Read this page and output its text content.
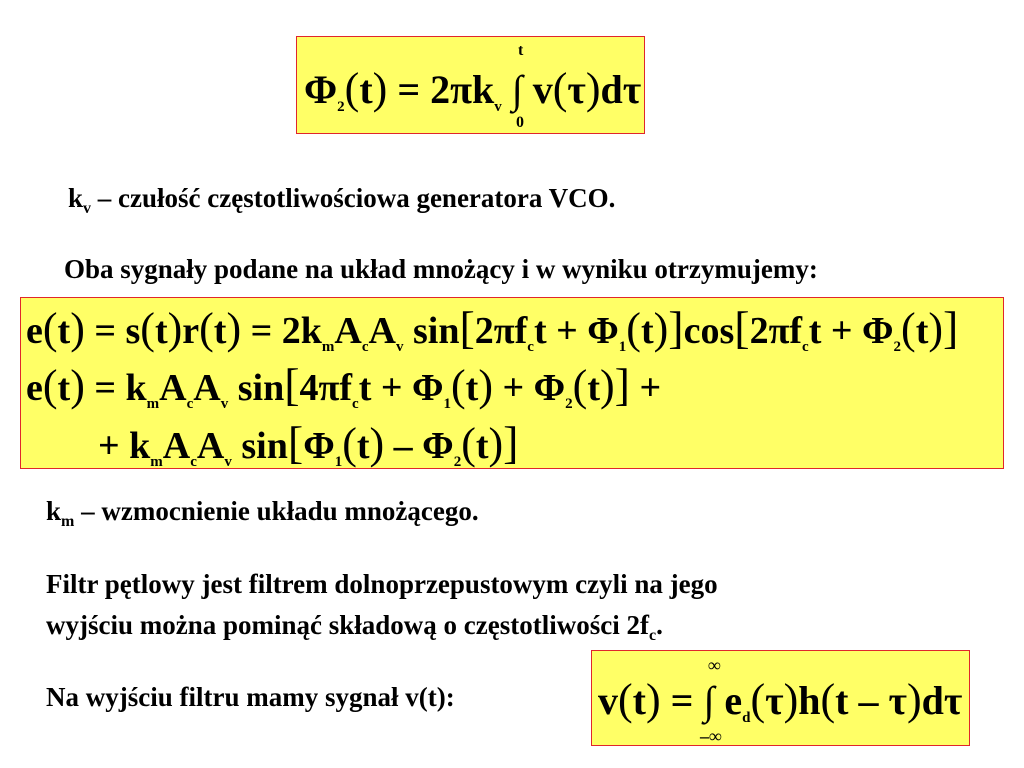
$\Phi_2(t) = 2\pi k_v$ ∫ v(τ)dτ
t
0
$k_v$ – czułość częstotliwościowa generatora VCO.
Oba sygnały podane na układ mnożący i w wyniku otrzymujemy:
$e(t) = s(t)r(t) = 2k_mA_cA_v$ $\sin[2\pi f_ct + \Phi_1(t)]\cos[2\pi f_ct + \Phi_2(t)]$
$e(t) = k_mA_cA_v$ $\sin[4\pi f_ct + \Phi_1(t) + \Phi_2(t)]$ +
+ $k_mA_cA_v$ $\sin[\Phi_1(t) - \Phi_2(t)]$
$k_m$ – wzmocnienie układu mnożącego.
Filtr pętlowy jest filtrem dolnoprzepustowym czyli na jego
wyjściu można pominąć składową o częstotliwości $2f_c$.
Na wyjściu filtru mamy sygnał v(t):	v(t) = ∫ $e_d(\tau)h(t - \tau)d\tau$
∞
–∞
